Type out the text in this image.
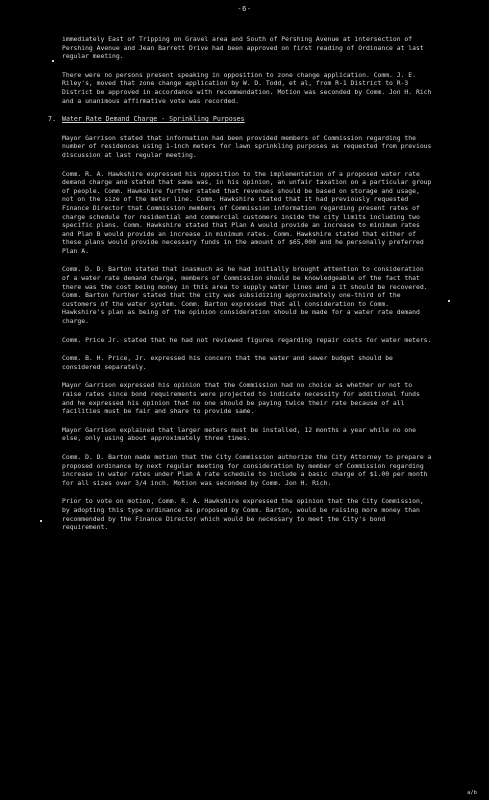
-6-

immediately East of Tripping on Gravel area and South of Pershing Avenue at intersection of Pershing Avenue and Jean Barrett Drive had been approved on first reading of Ordinance at last regular meeting.

There were no persons present speaking in opposition to zone change application. Comm. J. E. Riley's, moved that zone change application by W. D. Todd, et al, from R-1 District to R-3 District be approved in accordance with recommendation. Motion was seconded by Comm. Jon H. Rich and a unanimous affirmative vote was recorded.

7. Water Rate Demand Charge - Sprinkling Purposes

Mayor Garrison stated that information had been provided members of Commission regarding the number of residences using 1-inch meters for lawn sprinkling purposes as requested from previous discussion at last regular meeting.

Comm. R. A. Hawkshire expressed his opposition to the implementation of a proposed water rate demand charge and stated that same was, in his opinion, an unfair taxation on a particular group of people. Comm. Hawkshire further stated that revenues should be based on storage and usage, not on the size of the meter line. Comm. Hawkshire stated that it had previously requested Finance Director that Commission members of Commission information regarding present rates of charge schedule for residential and commercial customers inside the city limits including two specific plans. Comm. Hawkshire stated that Plan A would provide an increase to minimum rates and Plan B would provide an increase in minimum rates. Comm. Hawkshire stated that either of these plans would provide necessary funds in the amount of $65,000 and he personally preferred Plan A.

Comm. D. D. Barton stated that inasmuch as he had initially brought attention to consideration of a water rate demand charge, members of Commission should be knowledgeable of the fact that there was the cost being money in this area to supply water lines and a it should be recovered. Comm. Barton further stated that the city was subsidizing approximately one-third of the customers of the water system. Comm. Barton expressed that all consideration to Comm. Hawkshire's plan as being of the opinion consideration should be made for a water rate demand charge.

Comm. Price Jr. stated that he had not reviewed figures regarding repair costs for water meters.

Comm. B. H. Price, Jr. expressed his concern that the water and sewer budget should be considered separately.

Mayor Garrison expressed his opinion that the Commission had no choice as whether or not to raise rates since bond requirements were projected to indicate necessity for additional funds and he expressed his opinion that no one should be paying twice their rate because of all facilities must be fair and share to provide same.

Mayor Garrison explained that larger meters must be installed, 12 months a year while no one else, only using about approximately three times.

Comm. D. D. Barton made motion that the City Commission authorize the City Attorney to prepare a proposed ordinance by next regular meeting for consideration by member of Commission regarding increase in water rates under Plan A rate schedule to include a basic charge of $1.00 per month for all sizes over 3/4 inch. Motion was seconded by Comm. Jon H. Rich.

Prior to vote on motion, Comm. R. A. Hawkshire expressed the opinion that the City Commission, by adopting this type ordinance as proposed by Comm. Barton, would be raising more money than recommended by the Finance Director which would be necessary to meet the City's bond requirement.

a/b
